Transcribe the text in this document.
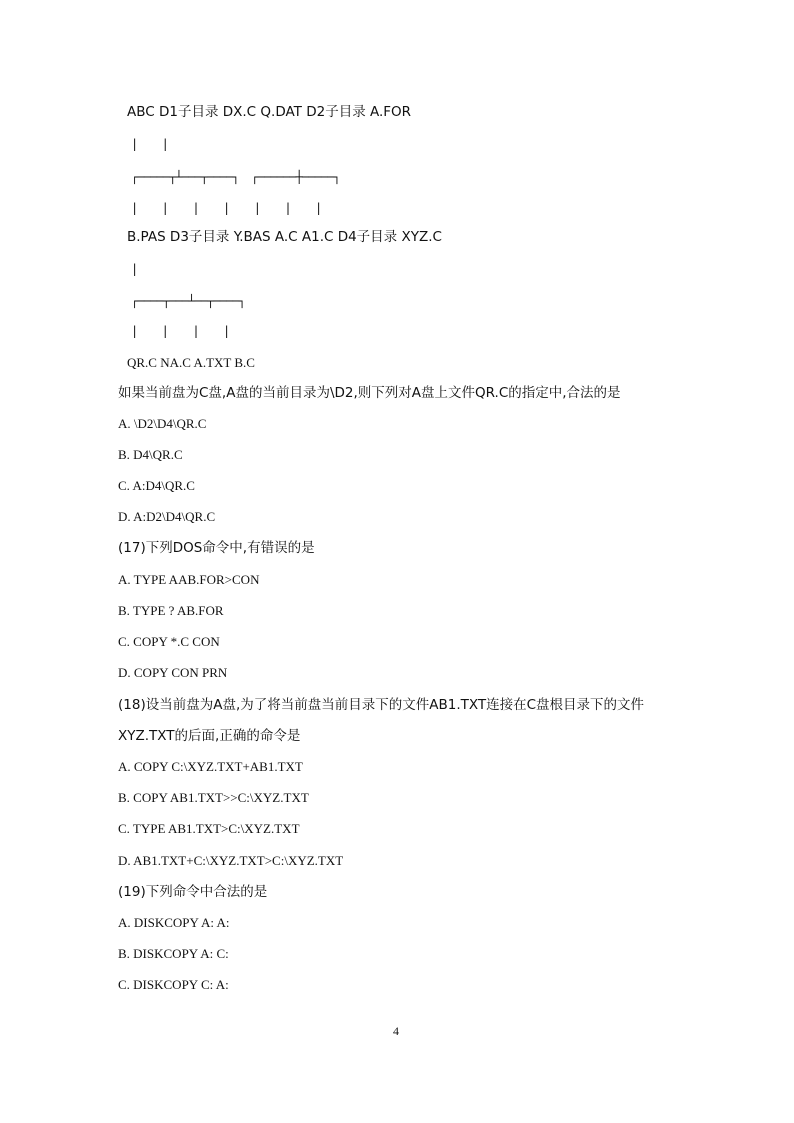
ABC D1子目录 DX.C Q.DAT D2子目录 A.FOR
|  |
┌─────┬┴───┬────┐  ┌──────┼─────┐
|  |  |  |  |  |  |
B.PAS D3子目录 Y.BAS A.C A1.C D4子目录 XYZ.C
|
┌────┬───┴──┬────┐
|  |  |  |
QR.C NA.C A.TXT B.C
如果当前盘为C盘,A盘的当前目录为\D2,则下列对A盘上文件QR.C的指定中,合法的是
A. \D2\D4\QR.C
B. D4\QR.C
C. A:D4\QR.C
D. A:D2\D4\QR.C
(17)下列DOS命令中,有错误的是
A. TYPE AAB.FOR>CON
B. TYPE ? AB.FOR
C. COPY *.C CON
D. COPY CON PRN
(18)设当前盘为A盘,为了将当前盘当前目录下的文件AB1.TXT连接在C盘根目录下的文件
XYZ.TXT的后面,正确的命令是
A. COPY C:\XYZ.TXT+AB1.TXT
B. COPY AB1.TXT>>C:\XYZ.TXT
C. TYPE AB1.TXT>C:\XYZ.TXT
D. AB1.TXT+C:\XYZ.TXT>C:\XYZ.TXT
(19)下列命令中合法的是
A. DISKCOPY A: A:
B. DISKCOPY A: C:
C. DISKCOPY C: A:
4
